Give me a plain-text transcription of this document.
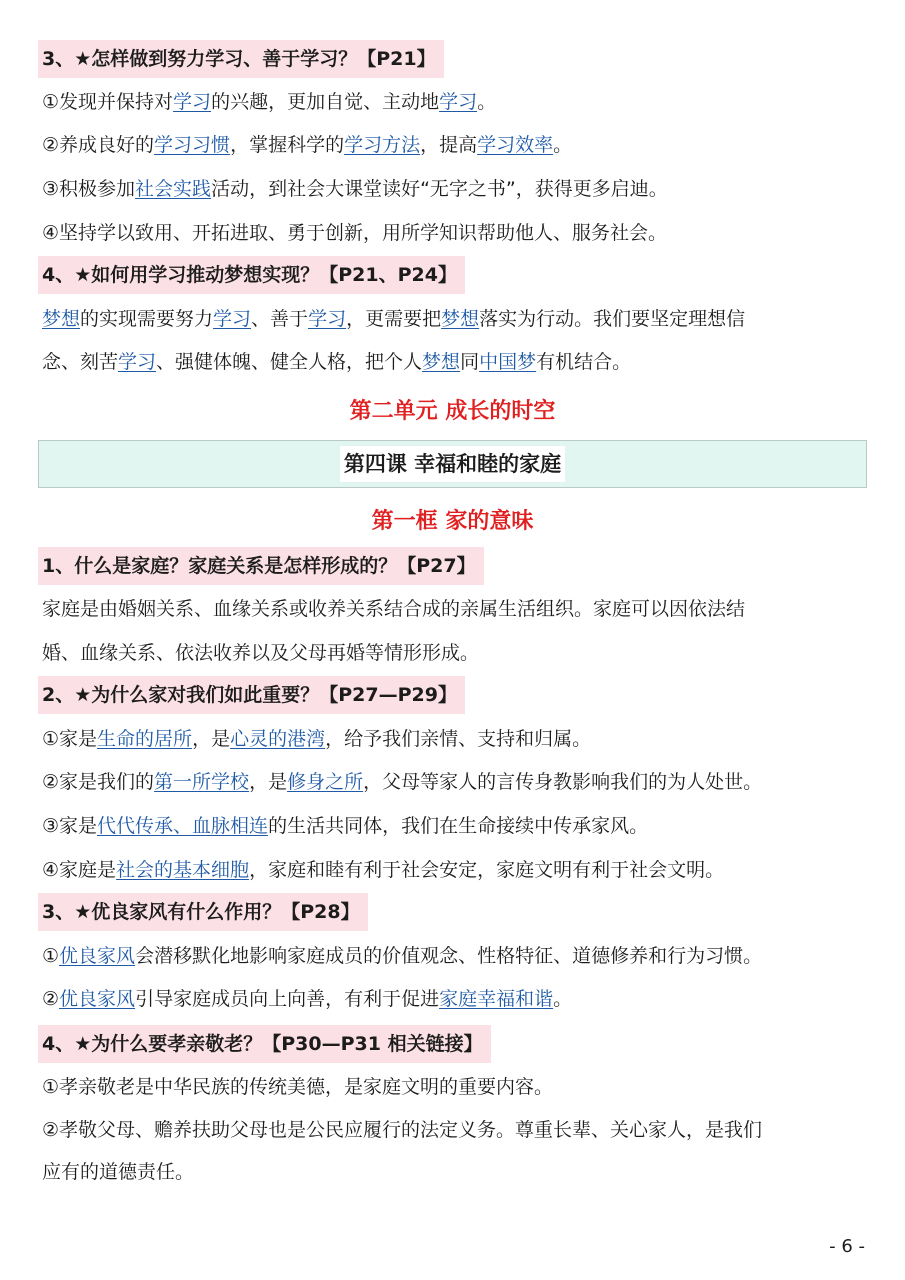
3、★怎样做到努力学习、善于学习？【P21】
①发现并保持对学习的兴趣，更加自觉、主动地学习。
②养成良好的学习习惯，掌握科学的学习方法，提高学习效率。
③积极参加社会实践活动，到社会大课堂读好“无字之书”，获得更多启迪。
④坚持学以致用、开拓进取、勇于创新，用所学知识帮助他人、服务社会。
4、★如何用学习推动梦想实现？【P21、P24】
梦想的实现需要努力学习、善于学习，更需要把梦想落实为行动。我们要坚定理想信
念、刻苦学习、强健体魄、健全人格，把个人梦想同中国梦有机结合。
第二单元 成长的时空
第四课 幸福和睦的家庭
第一框 家的意味
1、什么是家庭？家庭关系是怎样形成的？【P27】
家庭是由婚姻关系、血缘关系或收养关系结合成的亲属生活组织。家庭可以因依法结
婚、血缘关系、依法收养以及父母再婚等情形形成。
2、★为什么家对我们如此重要？【P27—P29】
①家是生命的居所，是心灵的港湾，给予我们亲情、支持和归属。
②家是我们的第一所学校，是修身之所，父母等家人的言传身教影响我们的为人处世。
③家是代代传承、血脉相连的生活共同体，我们在生命接续中传承家风。
④家庭是社会的基本细胞，家庭和睦有利于社会安定，家庭文明有利于社会文明。
3、★优良家风有什么作用？【P28】
①优良家风会潜移默化地影响家庭成员的价值观念、性格特征、道德修养和行为习惯。
②优良家风引导家庭成员向上向善，有利于促进家庭幸福和谐。
4、★为什么要孝亲敬老？【P30—P31 相关链接】
①孝亲敬老是中华民族的传统美德，是家庭文明的重要内容。
②孝敬父母、赡养扶助父母也是公民应履行的法定义务。尊重长辈、关心家人，是我们
应有的道德责任。
- 6 -
